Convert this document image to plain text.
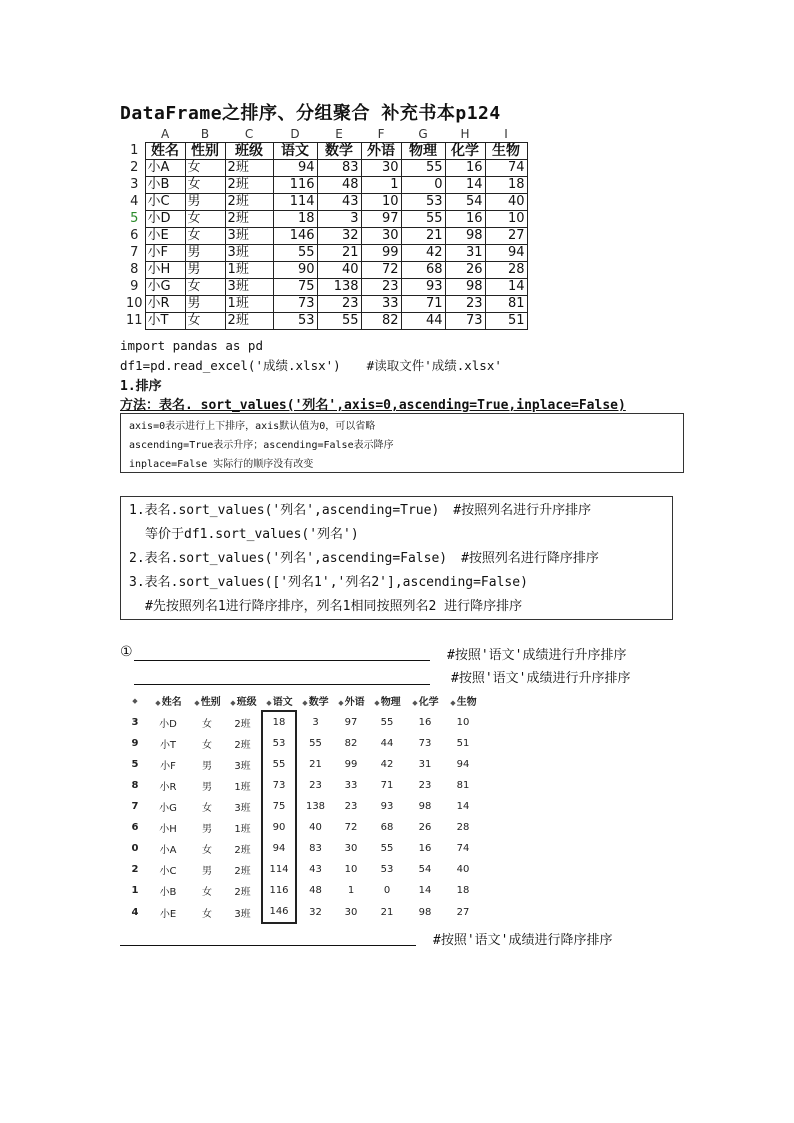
DataFrame之排序、分组聚合 补充书本p124
	A	B	C	D	E	F	G	H	I
1	姓名	性别	班级	语文	数学	外语	物理	化学	生物
2	小A	女	2班	94	83	30	55	16	74
3	小B	女	2班	116	48	1	0	14	18
4	小C	男	2班	114	43	10	53	54	40
5	小D	女	2班	18	3	97	55	16	10
6	小E	女	3班	146	32	30	21	98	27
7	小F	男	3班	55	21	99	42	31	94
8	小H	男	1班	90	40	72	68	26	28
9	小G	女	3班	75	138	23	93	98	14
10	小R	男	1班	73	23	33	71	23	81
11	小T	女	2班	53	55	82	44	73	51
import pandas as pd
df1=pd.read_excel('成绩.xlsx') #读取文件'成绩.xlsx'
1.排序
方法：表名. sort_values('列名',axis=0,ascending=True,inplace=False)
axis=0表示进行上下排序，axis默认值为0，可以省略
ascending=True表示升序；ascending=False表示降序
inplace=False 实际行的顺序没有改变
1.表名.sort_values('列名',ascending=True) #按照列名进行升序排序
等价于df1.sort_values('列名')
2.表名.sort_values('列名',ascending=False) #按照列名进行降序排序
3.表名.sort_values(['列名1','列名2'],ascending=False)
#先按照列名1进行降序排序，列名1相同按照列名2 进行降序排序
①	#按照'语文'成绩进行升序排序
#按照'语文'成绩进行升序排序
◆	◆姓名	◆性别	◆班级	◆语文	◆数学	◆外语	◆物理	◆化学	◆生物
3	小D	女	2班	18	3	97	55	16	10
9	小T	女	2班	53	55	82	44	73	51
5	小F	男	3班	55	21	99	42	31	94
8	小R	男	1班	73	23	33	71	23	81
7	小G	女	3班	75	138	23	93	98	14
6	小H	男	1班	90	40	72	68	26	28
0	小A	女	2班	94	83	30	55	16	74
2	小C	男	2班	114	43	10	53	54	40
1	小B	女	2班	116	48	1	0	14	18
4	小E	女	3班	146	32	30	21	98	27
#按照'语文'成绩进行降序排序
